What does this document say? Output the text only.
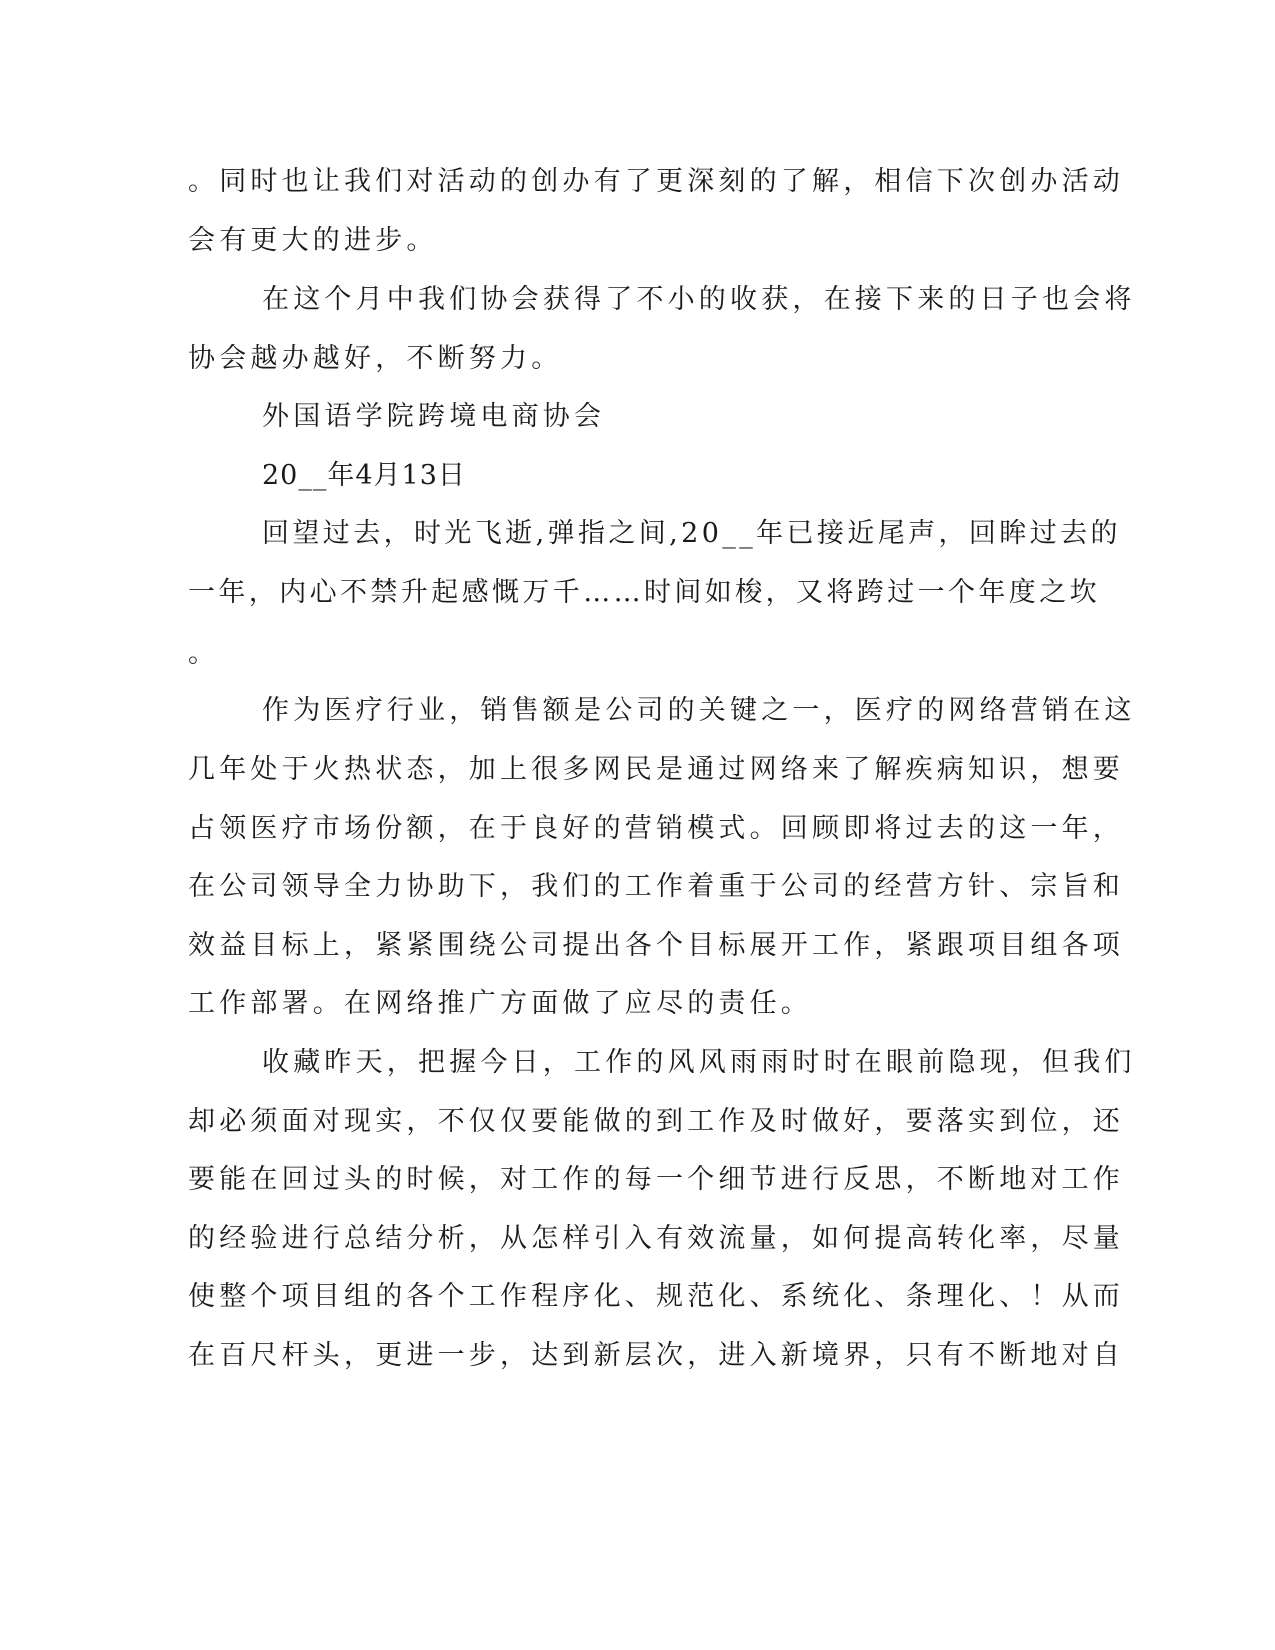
。同时也让我们对活动的创办有了更深刻的了解，相信下次创办活动
会有更大的进步。
在这个月中我们协会获得了不小的收获，在接下来的日子也会将
协会越办越好，不断努力。
外国语学院跨境电商协会
20__年4月13日
回望过去，时光飞逝,弹指之间,20__年已接近尾声，回眸过去的
一年，内心不禁升起感慨万千……时间如梭，又将跨过一个年度之坎
。
作为医疗行业，销售额是公司的关键之一，医疗的网络营销在这
几年处于火热状态，加上很多网民是通过网络来了解疾病知识，想要
占领医疗市场份额，在于良好的营销模式。回顾即将过去的这一年，
在公司领导全力协助下，我们的工作着重于公司的经营方针、宗旨和
效益目标上，紧紧围绕公司提出各个目标展开工作，紧跟项目组各项
工作部署。在网络推广方面做了应尽的责任。
收藏昨天，把握今日，工作的风风雨雨时时在眼前隐现，但我们
却必须面对现实，不仅仅要能做的到工作及时做好，要落实到位，还
要能在回过头的时候，对工作的每一个细节进行反思，不断地对工作
的经验进行总结分析，从怎样引入有效流量，如何提高转化率，尽量
使整个项目组的各个工作程序化、规范化、系统化、条理化、！从而
在百尺杆头，更进一步，达到新层次，进入新境界，只有不断地对自
